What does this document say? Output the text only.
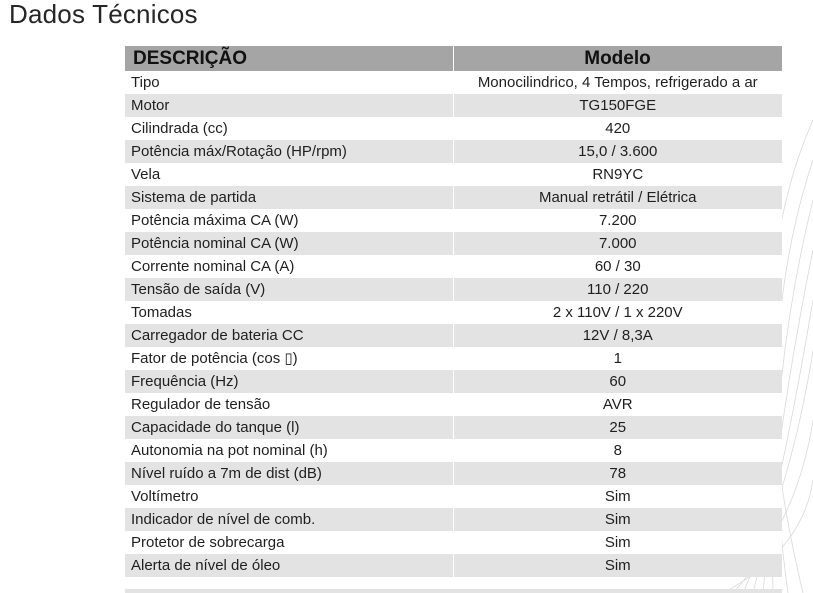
Dados Técnicos
DESCRIÇÃO	Modelo
Tipo	Monocilindrico, 4 Tempos, refrigerado a ar
Motor	TG150FGE
Cilindrada (cc)	420
Potência máx/Rotação (HP/rpm)	15,0 / 3.600
Vela	RN9YC
Sistema de partida	Manual retrátil / Elétrica
Potência máxima CA (W)	7.200
Potência nominal CA (W)	7.000
Corrente nominal CA (A)	60 / 30
Tensão de saída (V)	110 / 220
Tomadas	2 x 110V / 1 x 220V
Carregador de bateria CC	12V / 8,3A
Fator de potência (cos ▯)	1
Frequência (Hz)	60
Regulador de tensão	AVR
Capacidade do tanque (l)	25
Autonomia na pot nominal (h)	8
Nível ruído a 7m de dist (dB)	78
Voltímetro	Sim
Indicador de nível de comb.	Sim
Protetor de sobrecarga	Sim
Alerta de nível de óleo	Sim
